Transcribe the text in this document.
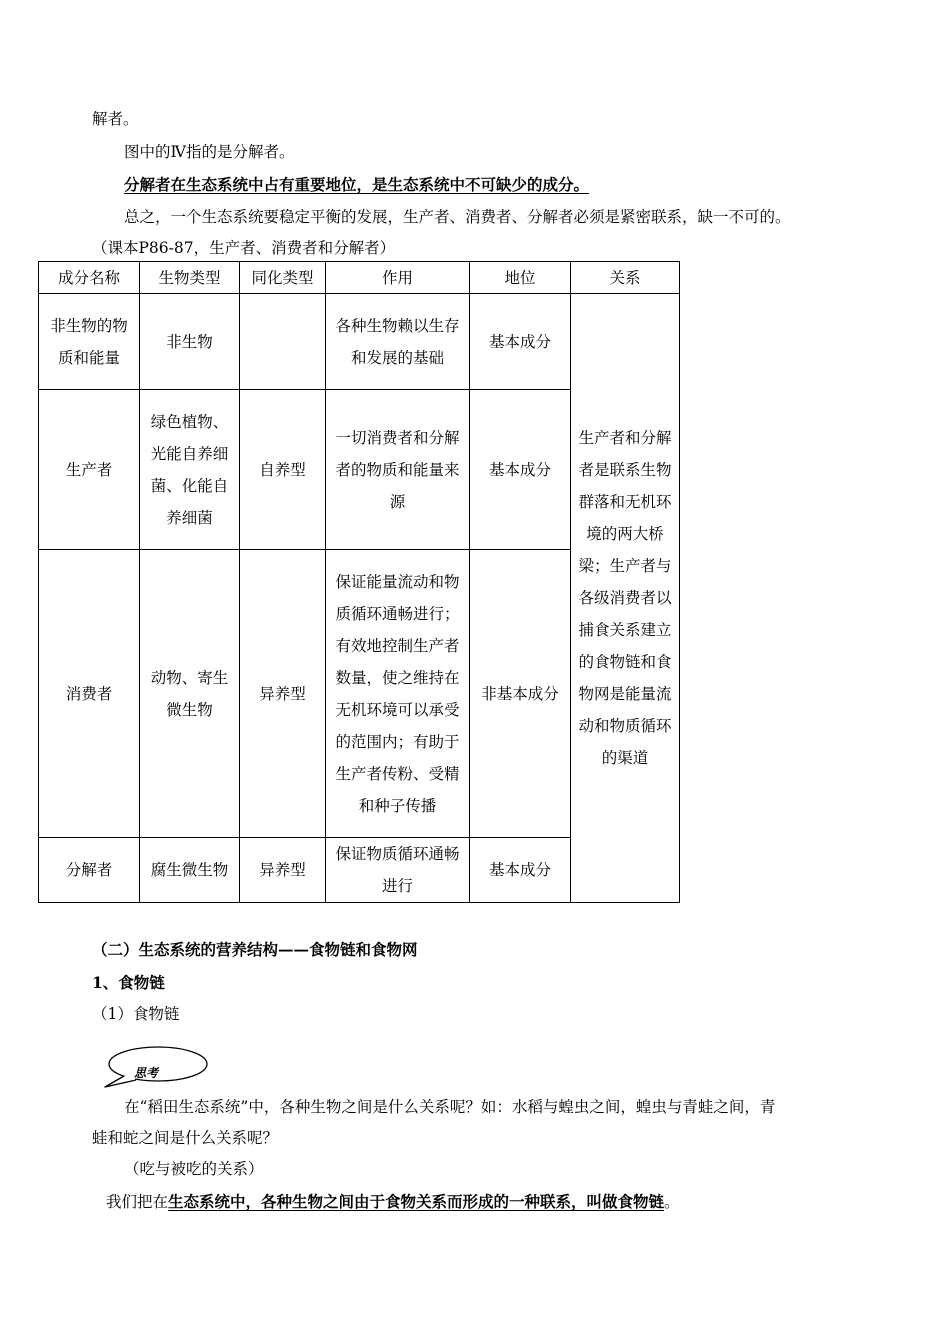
解者。
图中的Ⅳ指的是分解者。
分解者在生态系统中占有重要地位，是生态系统中不可缺少的成分。
总之，一个生态系统要稳定平衡的发展，生产者、消费者、分解者必须是紧密联系，缺一不可的。
（课本P86-87，生产者、消费者和分解者）
成分名称	生物类型	同化类型	作用	地位	关系
非生物的物质和能量	非生物		各种生物赖以生存和发展的基础	基本成分	生产者和分解者是联系生物群落和无机环境的两大桥梁；生产者与各级消费者以捕食关系建立的食物链和食物网是能量流动和物质循环的渠道
生产者	绿色植物、光能自养细菌、化能自养细菌	自养型	一切消费者和分解者的物质和能量来源	基本成分	
消费者	动物、寄生微生物	异养型	保证能量流动和物质循环通畅进行；有效地控制生产者数量，使之维持在无机环境可以承受的范围内；有助于生产者传粉、受精和种子传播	非基本成分	
分解者	腐生微生物	异养型	保证物质循环通畅进行	基本成分	
（二）生态系统的营养结构——食物链和食物网
1、食物链
（1）食物链
思考
在“稻田生态系统”中，各种生物之间是什么关系呢？如：水稻与蝗虫之间，蝗虫与青蛙之间，青
蛙和蛇之间是什么关系呢？
（吃与被吃的关系）
我们把在生态系统中，各种生物之间由于食物关系而形成的一种联系，叫做食物链。
